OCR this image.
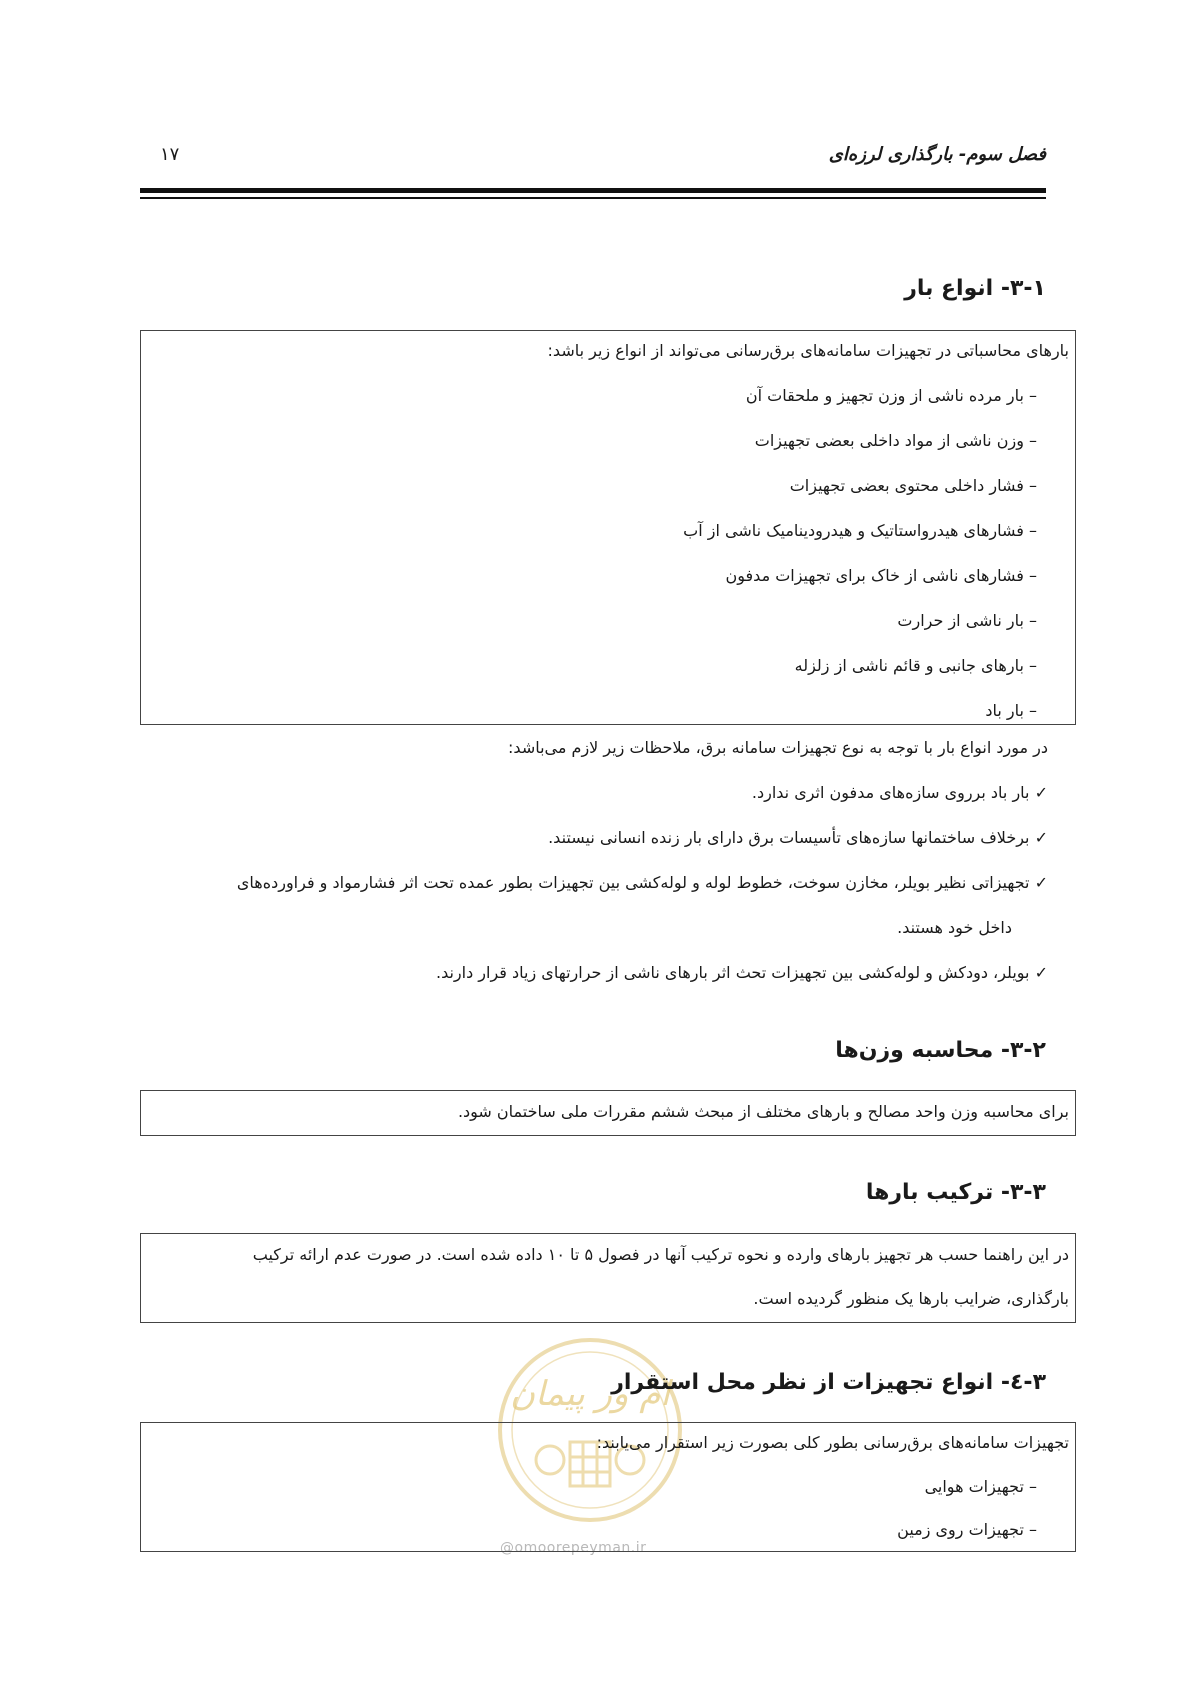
فصل سوم- بارگذاری لرزه‌ای
۱۷
۳-۱- انواع بار
بارهای محاسباتی در تجهیزات سامانه‌های برق‌رسانی می‌تواند از انواع زیر باشد:
– بار مرده ناشی از وزن تجهیز و ملحقات آن
– وزن ناشی از مواد داخلی بعضی تجهیزات
– فشار داخلی محتوی بعضی تجهیزات
– فشارهای هیدرواستاتیک و هیدرودینامیک ناشی از آب
– فشارهای ناشی از خاک برای تجهیزات مدفون
– بار ناشی از حرارت
– بارهای جانبی و قائم ناشی از زلزله
– بار باد
در مورد انواع بار با توجه به نوع تجهیزات سامانه برق، ملاحظات زیر لازم می‌باشد:
✓ بار باد برروی سازه‌های مدفون اثری ندارد.
✓ برخلاف ساختمانها سازه‌های تأسیسات برق دارای بار زنده انسانی نیستند.
✓ تجهیزاتی نظیر بویلر، مخازن سوخت، خطوط لوله و لوله‌کشی بین تجهیزات بطور عمده تحت اثر فشارمواد و فراورده‌های
داخل خود هستند.
✓ بویلر، دودکش و لوله‌کشی بین تجهیزات تحث اثر بارهای ناشی از حرارتهای زیاد قرار دارند.
۳-۲- محاسبه وزن‌ها
برای محاسبه وزن واحد مصالح و بارهای مختلف از مبحث ششم مقررات ملی ساختمان شود.
۳-۳- ترکیب بارها
در این راهنما حسب هر تجهیز بارهای وارده و نحوه ترکیب آنها در فصول ۵ تا ۱۰ داده شده است. در صورت عدم ارائه ترکیب
بارگذاری، ضرایب بارها یک منظور گردیده است.
ام ور پیمان
@omoorepeyman.ir
۳-٤- انواع تجهیزات از نظر محل استقرار
تجهیزات سامانه‌های برق‌رسانی بطور کلی بصورت زیر استقرار می‌یابند:
– تجهیزات هوایی
– تجهیزات روی زمین
